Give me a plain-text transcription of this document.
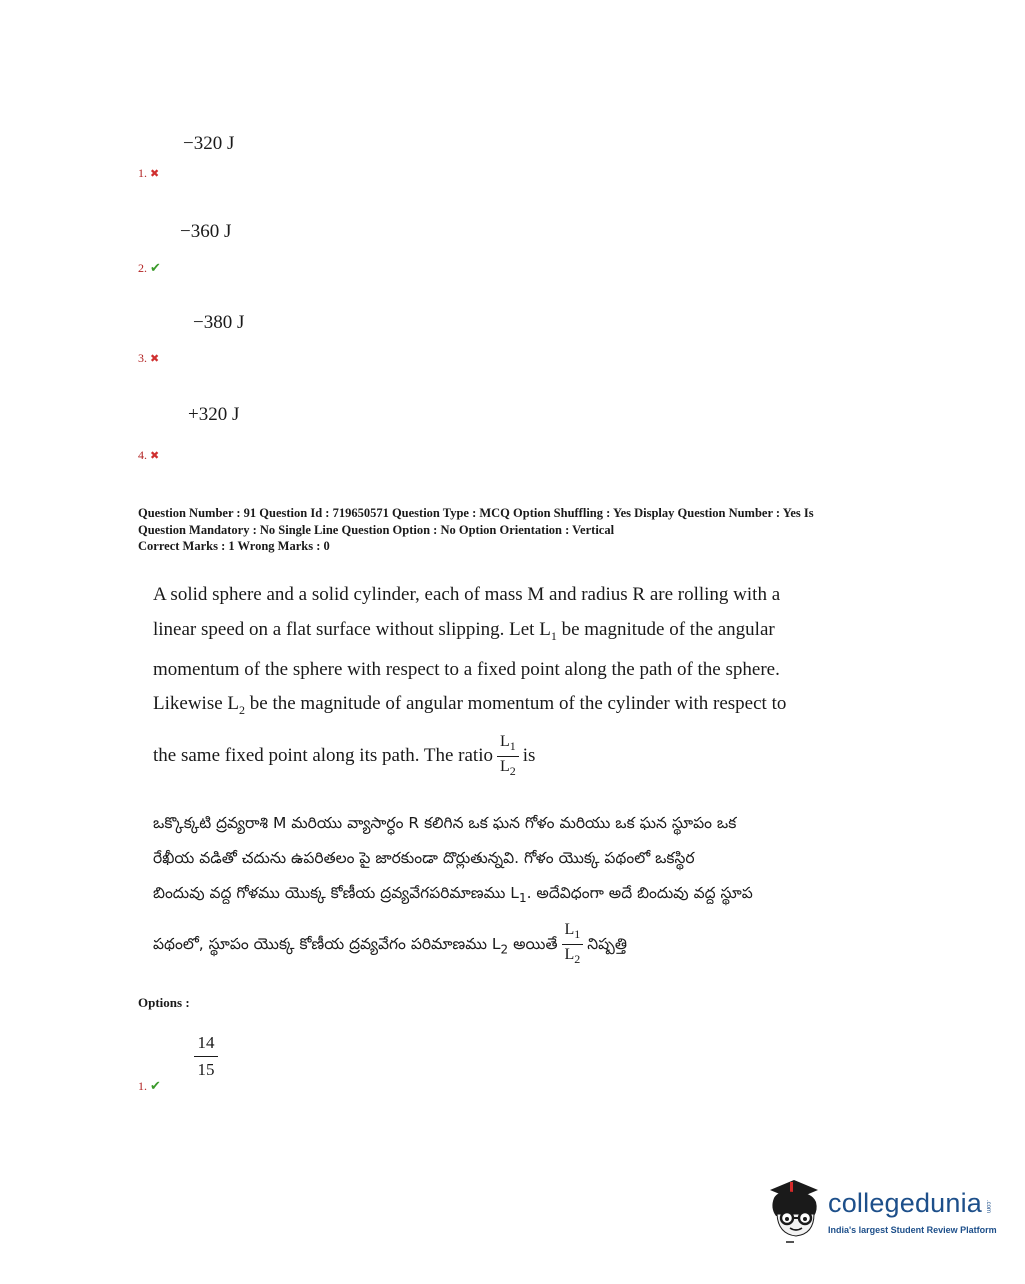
−320 J
1. ✖
−360 J
2. ✔
−380 J
3. ✖
+320 J
4. ✖
Question Number : 91 Question Id : 719650571 Question Type : MCQ Option Shuffling : Yes Display Question Number : Yes Is
Question Mandatory : No Single Line Question Option : No Option Orientation : Vertical
Correct Marks : 1 Wrong Marks : 0

A solid sphere and a solid cylinder, each of mass M and radius R are rolling with a

linear speed on a flat surface without slipping. Let $L_1$ be magnitude of the angular

momentum of the sphere with respect to a fixed point along the path of the sphere.

Likewise $L_2$ be the magnitude of angular momentum of the cylinder with respect to

the same fixed point along its path. The ratio $\frac{L_1}{L_2}$ is

ఒక్కొక్కటి ద్రవ్యరాశి M మరియు వ్యాసార్ధం R కలిగిన ఒక ఘన గోళం మరియు ఒక ఘన స్థూపం ఒక

రేఖీయ వడితో చదును ఉపరితలం పై జారకుండా దొర్లుతున్నవి. గోళం యొక్క పథంలో ఒకస్థిర

బిందువు వద్ద గోళము యొక్క కోణీయ ద్రవ్యవేగపరిమాణము $L_1$. అదేవిధంగా అదే బిందువు వద్ద స్థూప

పథంలో, స్థూపం యొక్క కోణీయ ద్రవ్యవేగం పరిమాణము $L_2$ అయితే $\frac{L_1}{L_2}$ నిష్పత్తి

Options :
$\frac{14}{15}$
1. ✔
collegedunia .com
India's largest Student Review Platform
